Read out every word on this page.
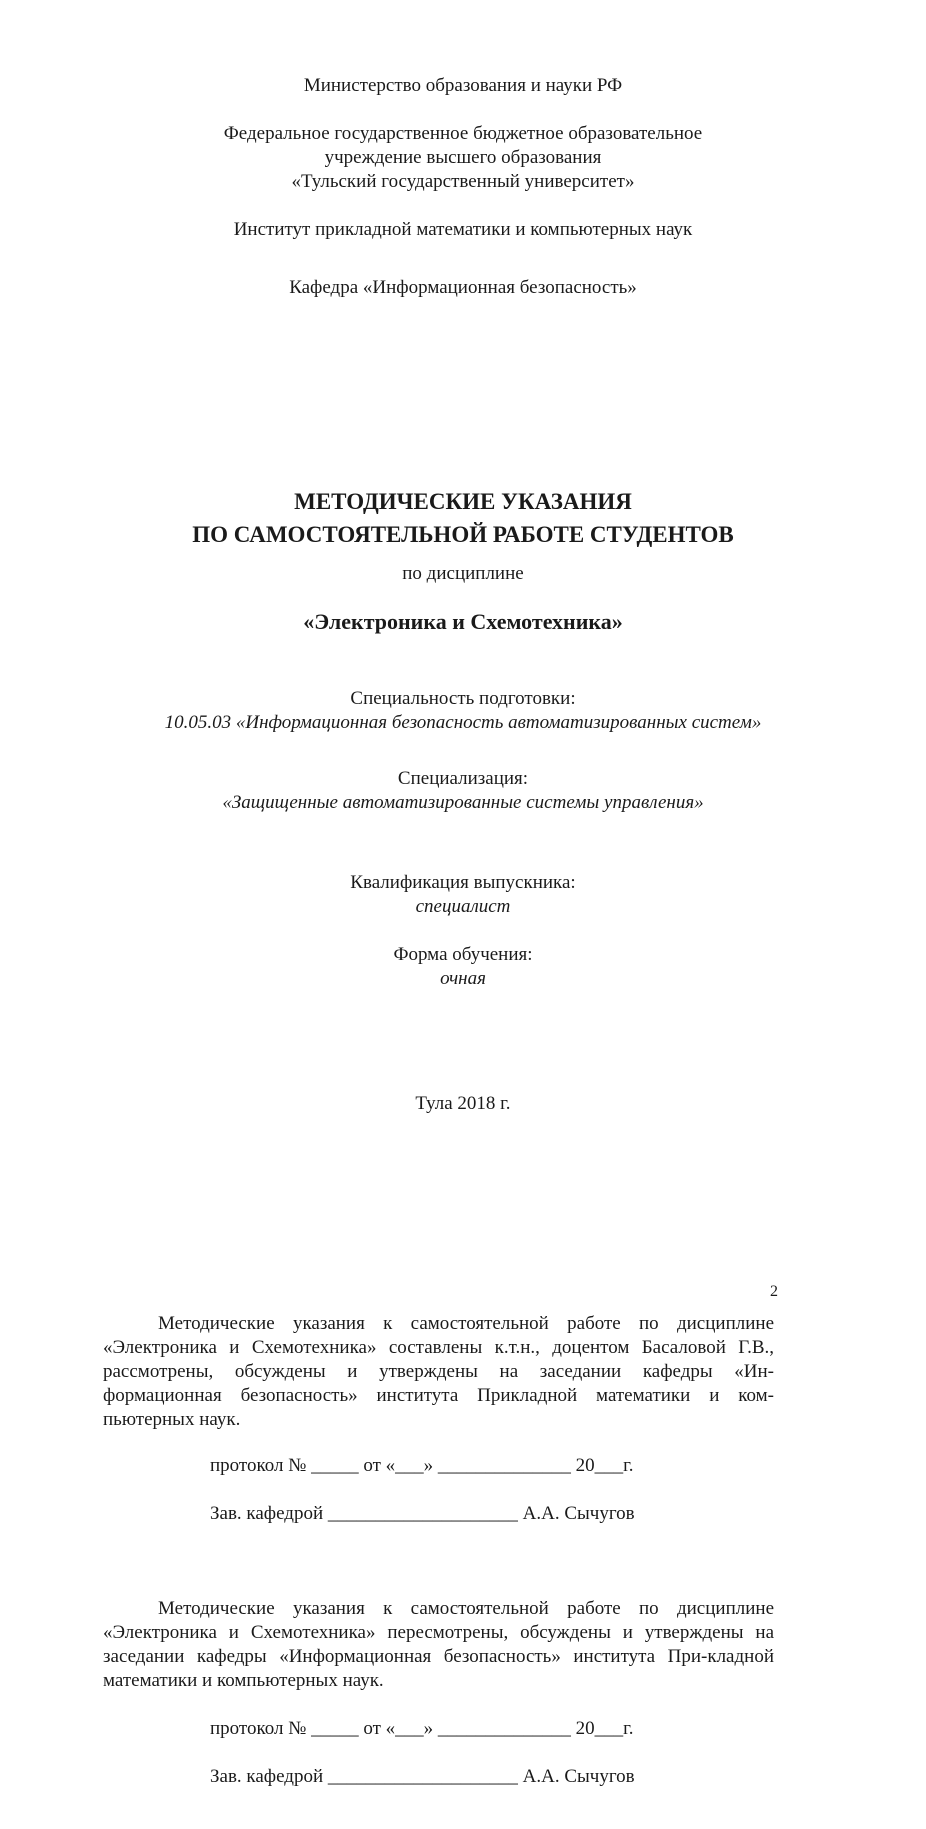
Министерство образования и науки РФ
Федеральное государственное бюджетное образовательное
учреждение высшего образования
«Тульский государственный университет»
Институт прикладной математики и компьютерных наук
Кафедра «Информационная безопасность»
МЕТОДИЧЕСКИЕ УКАЗАНИЯ
ПО САМОСТОЯТЕЛЬНОЙ РАБОТЕ СТУДЕНТОВ
по дисциплине
«Электроника и Схемотехника»
Специальность подготовки:
10.05.03 «Информационная безопасность автоматизированных систем»
Специализация:
«Защищенные автоматизированные системы управления»
Квалификация выпускника:
специалист
Форма обучения:
очная
Тула 2018 г.
2
Методические указания к самостоятельной работе по дисциплине «Электроника и Схемотехника» составлены к.т.н., доцентом Басаловой Г.В., рассмотрены, обсуждены и утверждены на заседании кафедры «Ин-формационная безопасность» института Прикладной математики и ком-пьютерных наук.
протокол № _____ от «___» ______________ 20___г.
Зав. кафедрой ____________________ А.А. Сычугов
Методические указания к самостоятельной работе по дисциплине «Электроника и Схемотехника» пересмотрены, обсуждены и утверждены на заседании кафедры «Информационная безопасность» института При-кладной математики и компьютерных наук.
протокол № _____ от «___» ______________ 20___г.
Зав. кафедрой ____________________ А.А. Сычугов
